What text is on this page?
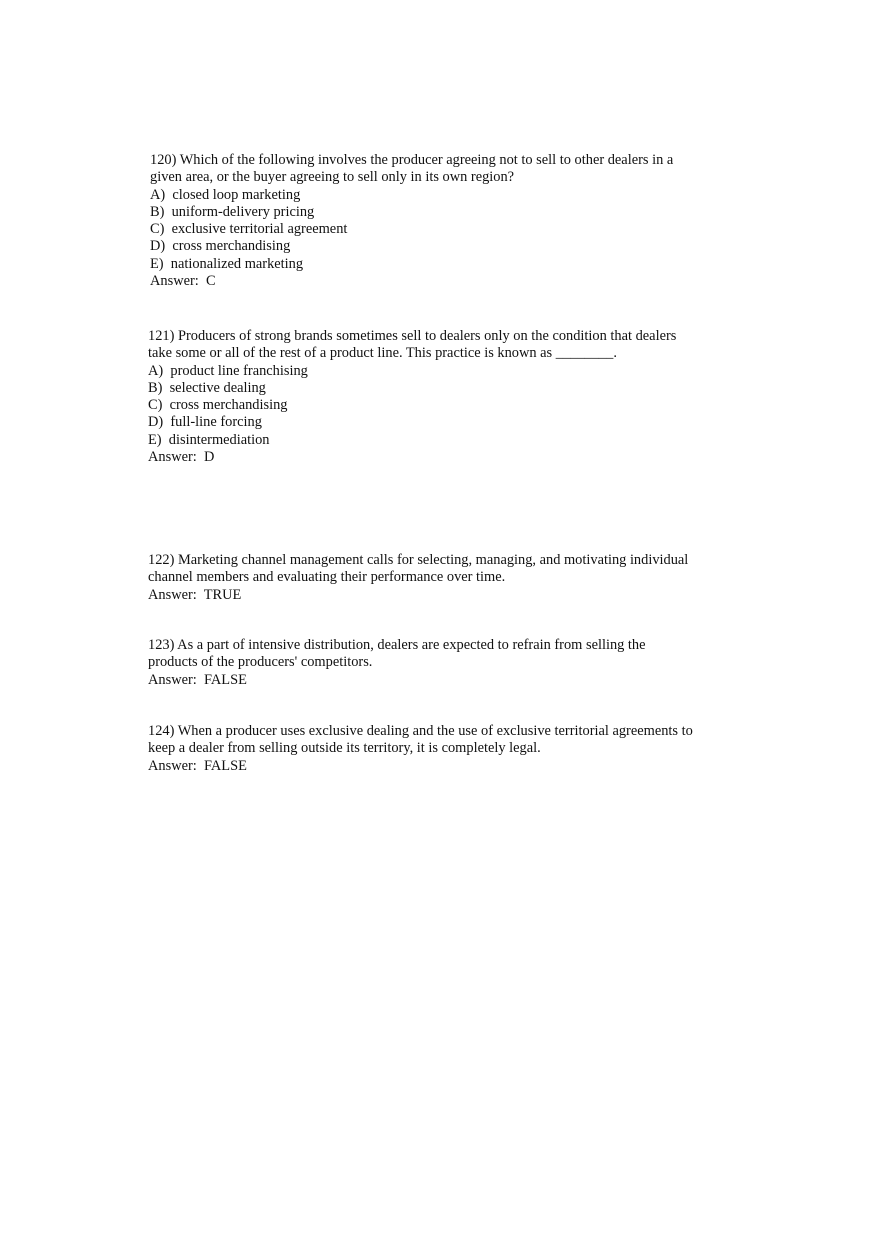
120) Which of the following involves the producer agreeing not to sell to other dealers in a
given area, or the buyer agreeing to sell only in its own region?

A)  closed loop marketing
B)  uniform-delivery pricing
C)  exclusive territorial agreement
D)  cross merchandising
E)  nationalized marketing

Answer:  C

121) Producers of strong brands sometimes sell to dealers only on the condition that dealers
take some or all of the rest of a product line. This practice is known as ________.

A)  product line franchising
B)  selective dealing
C)  cross merchandising
D)  full-line forcing
E)  disintermediation

Answer:  D

122) Marketing channel management calls for selecting, managing, and motivating individual
channel members and evaluating their performance over time.

Answer:  TRUE

123) As a part of intensive distribution, dealers are expected to refrain from selling the
products of the producers' competitors.

Answer:  FALSE

124) When a producer uses exclusive dealing and the use of exclusive territorial agreements to
keep a dealer from selling outside its territory, it is completely legal.

Answer:  FALSE
